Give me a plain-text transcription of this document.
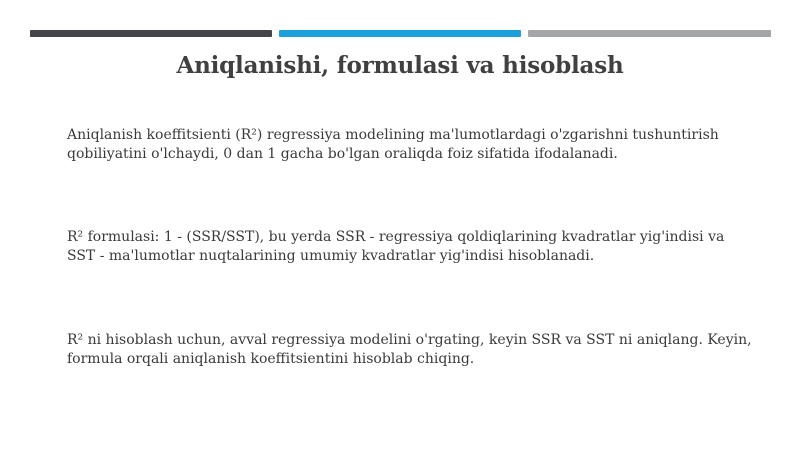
Aniqlanishi, formulasi va hisoblash
Aniqlanish koeffitsienti (R²) regressiya modelining ma'lumotlardagi o'zgarishni tushuntirish qobiliyatini o'lchaydi, 0 dan 1 gacha bo'lgan oraliqda foiz sifatida ifodalanadi.
R² formulasi: 1 - (SSR/SST), bu yerda SSR - regressiya qoldiqlarining kvadratlar yig'indisi va SST - ma'lumotlar nuqtalarining umumiy kvadratlar yig'indisi hisoblanadi.
R² ni hisoblash uchun, avval regressiya modelini o'rgating, keyin SSR va SST ni aniqlang. Keyin, formula orqali aniqlanish koeffitsientini hisoblab chiqing.
